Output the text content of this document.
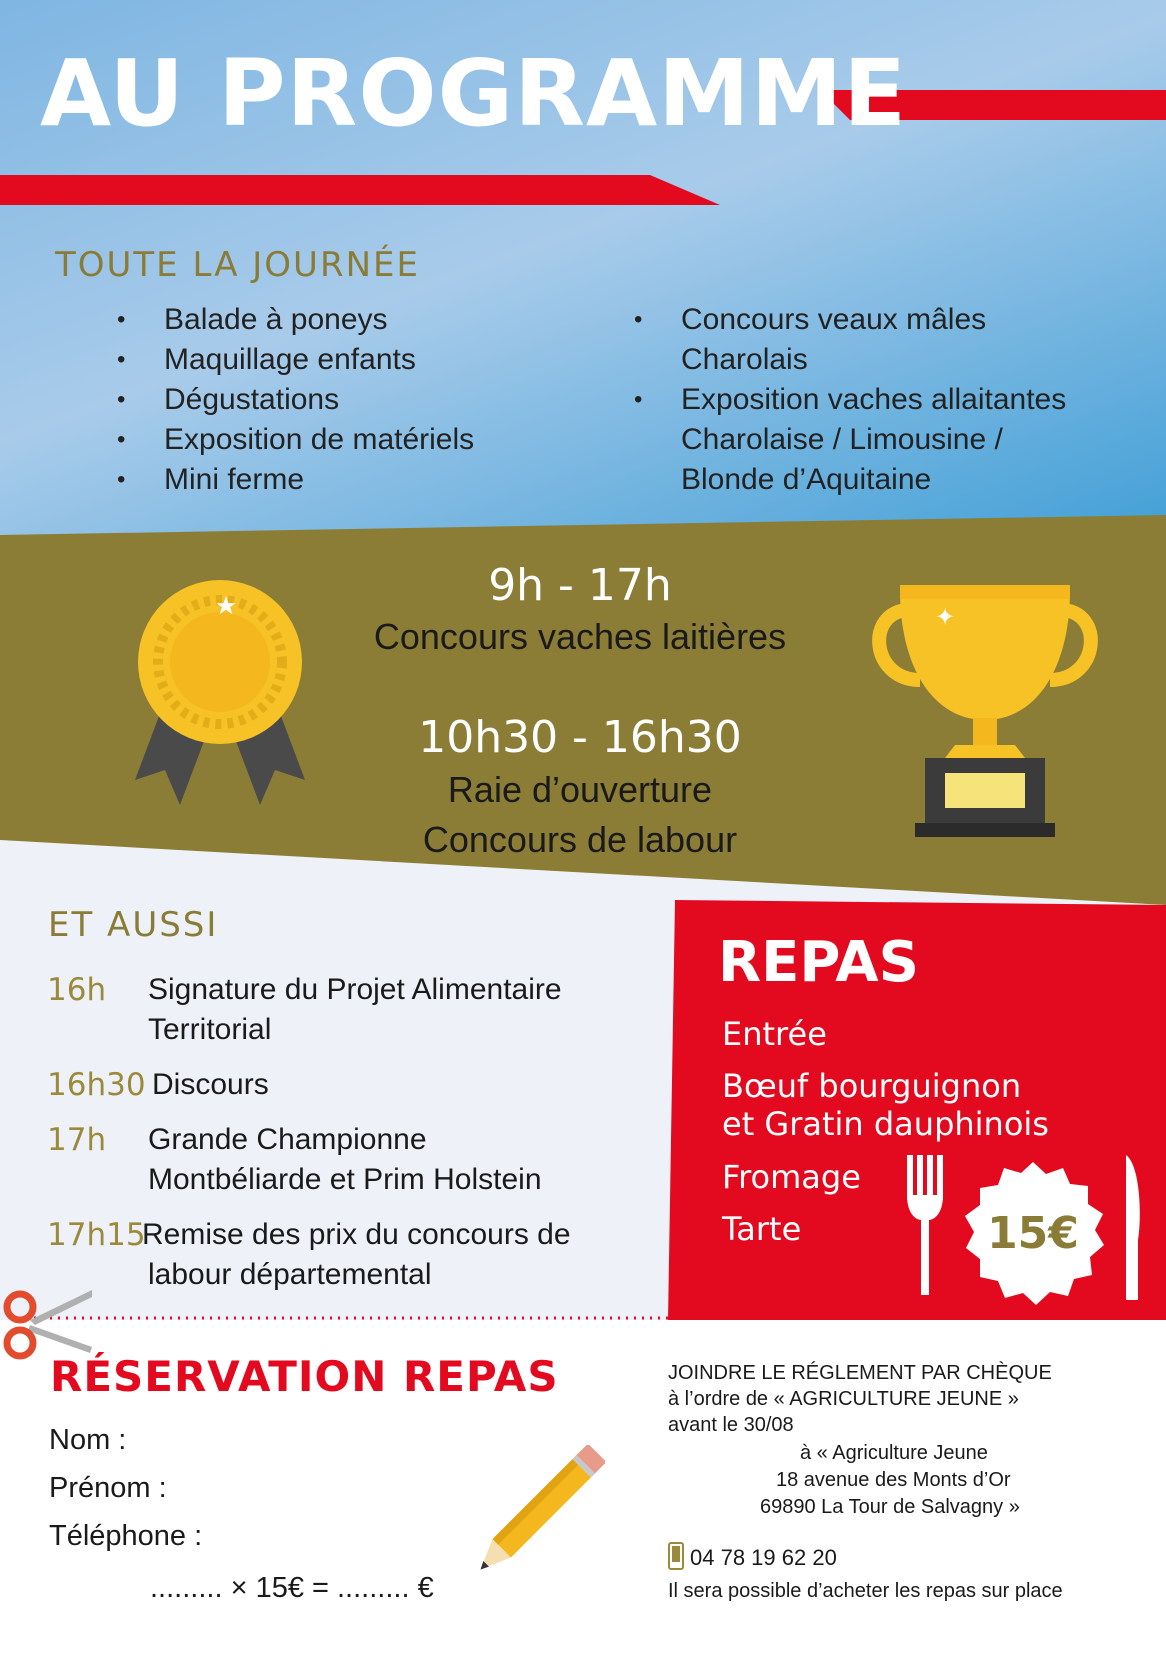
AU PROGRAMME
TOUTE LA JOURNÉE
• Balade à poneys
• Maquillage enfants
• Dégustations
• Exposition de matériels
• Mini ferme
• Concours veaux mâles
Charolais
• Exposition vaches allaitantes
Charolaise / Limousine /
Blonde d’Aquitaine
✦
9h - 17h
Concours vaches laitières
10h30 - 16h30
Raie d’ouverture
Concours de labour
ET AUSSI
16h Signature du Projet Alimentaire
Territorial
16h30 Discours
17h Grande Championne
Montbéliarde et Prim Holstein
17h15
Remise des prix du concours de
labour départemental
REPAS
Entrée
Bœuf bourguignon
et Gratin dauphinois
Fromage
Tarte	15€
RÉSERVATION REPAS
Nom :
Prénom :
Téléphone :
......... × 15€ = ......... €
JOINDRE LE RÉGLEMENT PAR CHÈQUE
à l’ordre de « AGRICULTURE JEUNE »
avant le 30/08
à « Agriculture Jeune
18 avenue des Monts d’Or
69890 La Tour de Salvagny »
04 78 19 62 20
Il sera possible d’acheter les repas sur place
